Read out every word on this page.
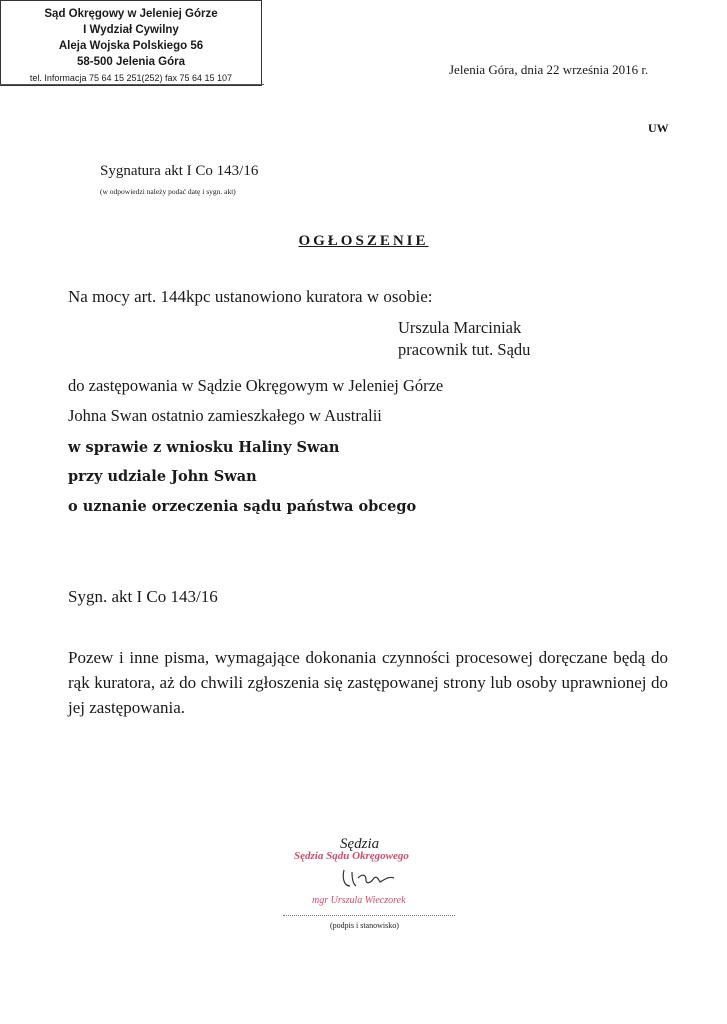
Sąd Okręgowy w Jeleniej Górze
I Wydział Cywilny
Aleja Wojska Polskiego 56
58-500 Jelenia Góra
tel. Informacja 75 64 15 251(252) fax 75 64 15 107
Jelenia Góra, dnia 22 września 2016 r.
UW
Sygnatura akt I Co 143/16
(w odpowiedzi należy podać datę i sygn. akt)
OGŁOSZENIE
Na mocy art. 144kpc ustanowiono kuratora w osobie:
Urszula Marciniak
pracownik tut. Sądu
do zastępowania w Sądzie Okręgowym w Jeleniej Górze
Johna Swan ostatnio zamieszkałego w Australii
w sprawie z wniosku Haliny Swan
przy udziale John Swan
o uznanie orzeczenia sądu państwa obcego
Sygn. akt I Co 143/16
Pozew i inne pisma, wymagające dokonania czynności procesowej doręczane będą do rąk kuratora, aż do chwili zgłoszenia się zastępowanej strony lub osoby uprawnionej do jej zastępowania.
Sędzia
Sędzia Sądu Okręgowego
mgr Urszula Wieczorek
(podpis i stanowisko)
